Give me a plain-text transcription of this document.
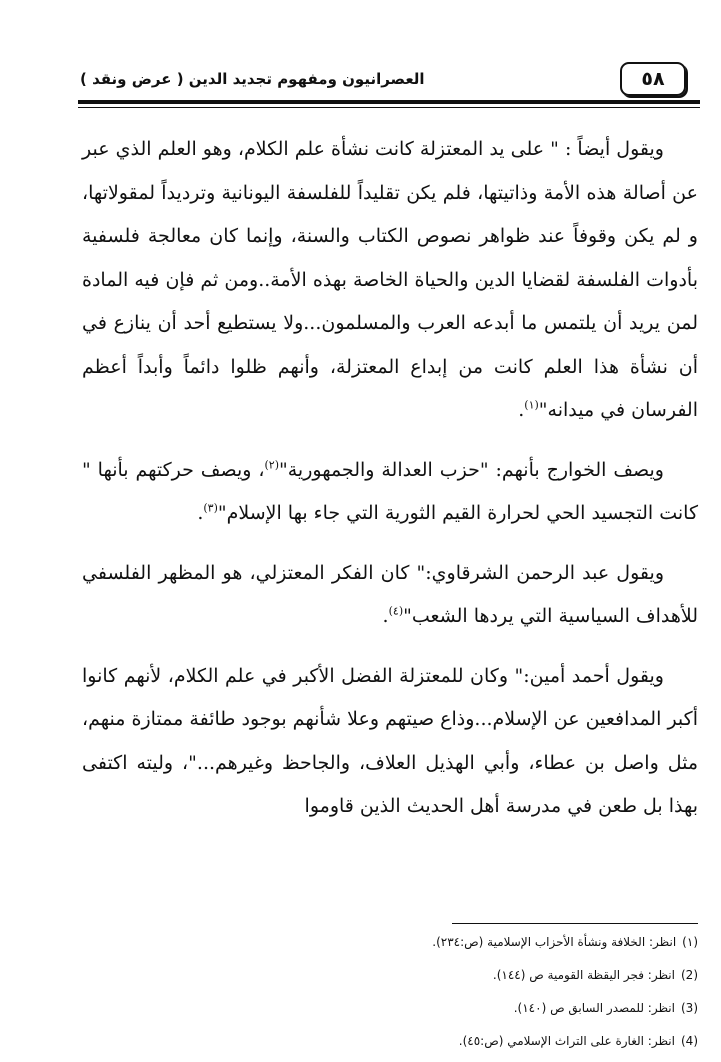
٥٨
العصرانيون ومفهوم تجديد الدين ( عرض ونقد )

ويقول أيضاً : " على يد المعتزلة كانت نشأة علم الكلام، وهو العلم الذي عبر عن أصالة هذه الأمة وذاتيتها، فلم يكن تقليداً للفلسفة اليونانية وترديداً لمقولاتها، و لم يكن وقوفاً عند ظواهر نصوص الكتاب والسنة، وإنما كان معالجة فلسفية بأدوات الفلسفة لقضايا الدين والحياة الخاصة بهذه الأمة..ومن ثم فإن فيه المادة لمن يريد أن يلتمس ما أبدعه العرب والمسلمون...ولا يستطيع أحد أن ينازع في أن نشأة هذا العلم كانت من إبداع المعتزلة، وأنهم ظلوا دائماً وأبداً أعظم الفرسان في ميدانه"$^{(١)}$.

ويصف الخوارج بأنهم: "حزب العدالة والجمهورية"$^{(٢)}$، ويصف حركتهم بأنها " كانت التجسيد الحي لحرارة القيم الثورية التي جاء بها الإسلام"$^{(٣)}$.

ويقول عبد الرحمن الشرقاوي:" كان الفكر المعتزلي، هو المظهر الفلسفي للأهداف السياسية التي يردها الشعب"$^{(٤)}$.

ويقول أحمد أمين:" وكان للمعتزلة الفضل الأكبر في علم الكلام، لأنهم كانوا أكبر المدافعين عن الإسلام...وذاع صيتهم وعلا شأنهم بوجود طائفة ممتازة منهم، مثل واصل بن عطاء، وأبي الهذيل العلاف، والجاحظ وغيرهم..."، وليته اكتفى بهذا بل طعن في مدرسة أهل الحديث الذين قاوموا

(١)انظر: الخلافة ونشأة الأحزاب الإسلامية (ص:٢٣٤).
(2)انظر: فجر اليقظة القومية ص (١٤٤).
(3)انظر: للمصدر السابق ص (١٤٠).
(4)انظر: الغارة على التراث الإسلامي (ص:٤٥).
